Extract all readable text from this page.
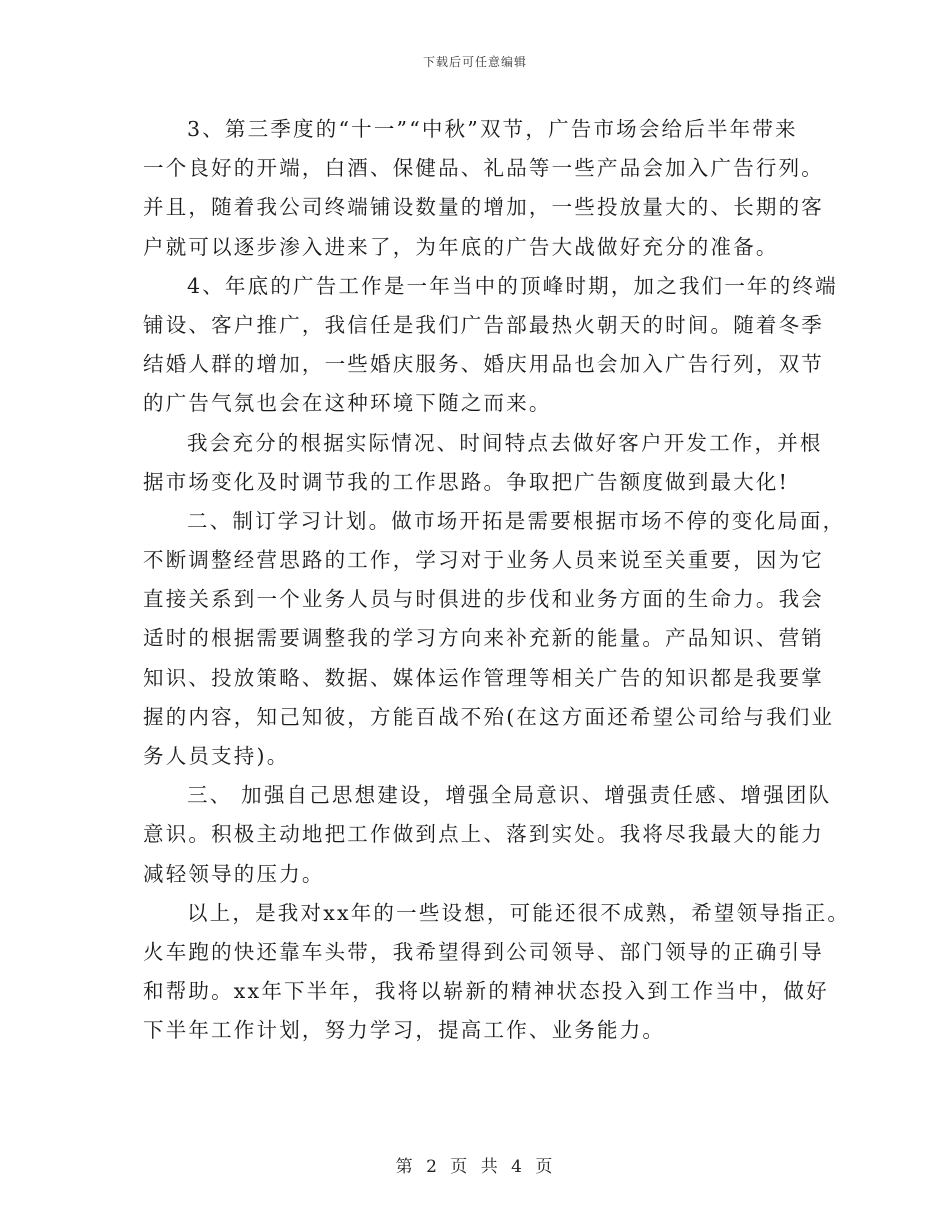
下载后可任意编辑
3、第三季度的“十一”“中秋”双节，广告市场会给后半年带来
一个良好的开端，白酒、保健品、礼品等一些产品会加入广告行列。
并且，随着我公司终端铺设数量的增加，一些投放量大的、长期的客
户就可以逐步渗入进来了，为年底的广告大战做好充分的准备。
4、年底的广告工作是一年当中的顶峰时期，加之我们一年的终端
铺设、客户推广，我信任是我们广告部最热火朝天的时间。随着冬季
结婚人群的增加，一些婚庆服务、婚庆用品也会加入广告行列，双节
的广告气氛也会在这种环境下随之而来。
我会充分的根据实际情况、时间特点去做好客户开发工作，并根
据市场变化及时调节我的工作思路。争取把广告额度做到最大化!
二、制订学习计划。做市场开拓是需要根据市场不停的变化局面，
不断调整经营思路的工作，学习对于业务人员来说至关重要，因为它
直接关系到一个业务人员与时俱进的步伐和业务方面的生命力。我会
适时的根据需要调整我的学习方向来补充新的能量。产品知识、营销
知识、投放策略、数据、媒体运作管理等相关广告的知识都是我要掌
握的内容，知己知彼，方能百战不殆(在这方面还希望公司给与我们业
务人员支持)。
三、 加强自己思想建设，增强全局意识、增强责任感、增强团队
意识。积极主动地把工作做到点上、落到实处。我将尽我最大的能力
减轻领导的压力。
以上，是我对xx年的一些设想，可能还很不成熟，希望领导指正。
火车跑的快还靠车头带，我希望得到公司领导、部门领导的正确引导
和帮助。xx年下半年，我将以崭新的精神状态投入到工作当中，做好
下半年工作计划，努力学习，提高工作、业务能力。
第 2 页 共 4 页
